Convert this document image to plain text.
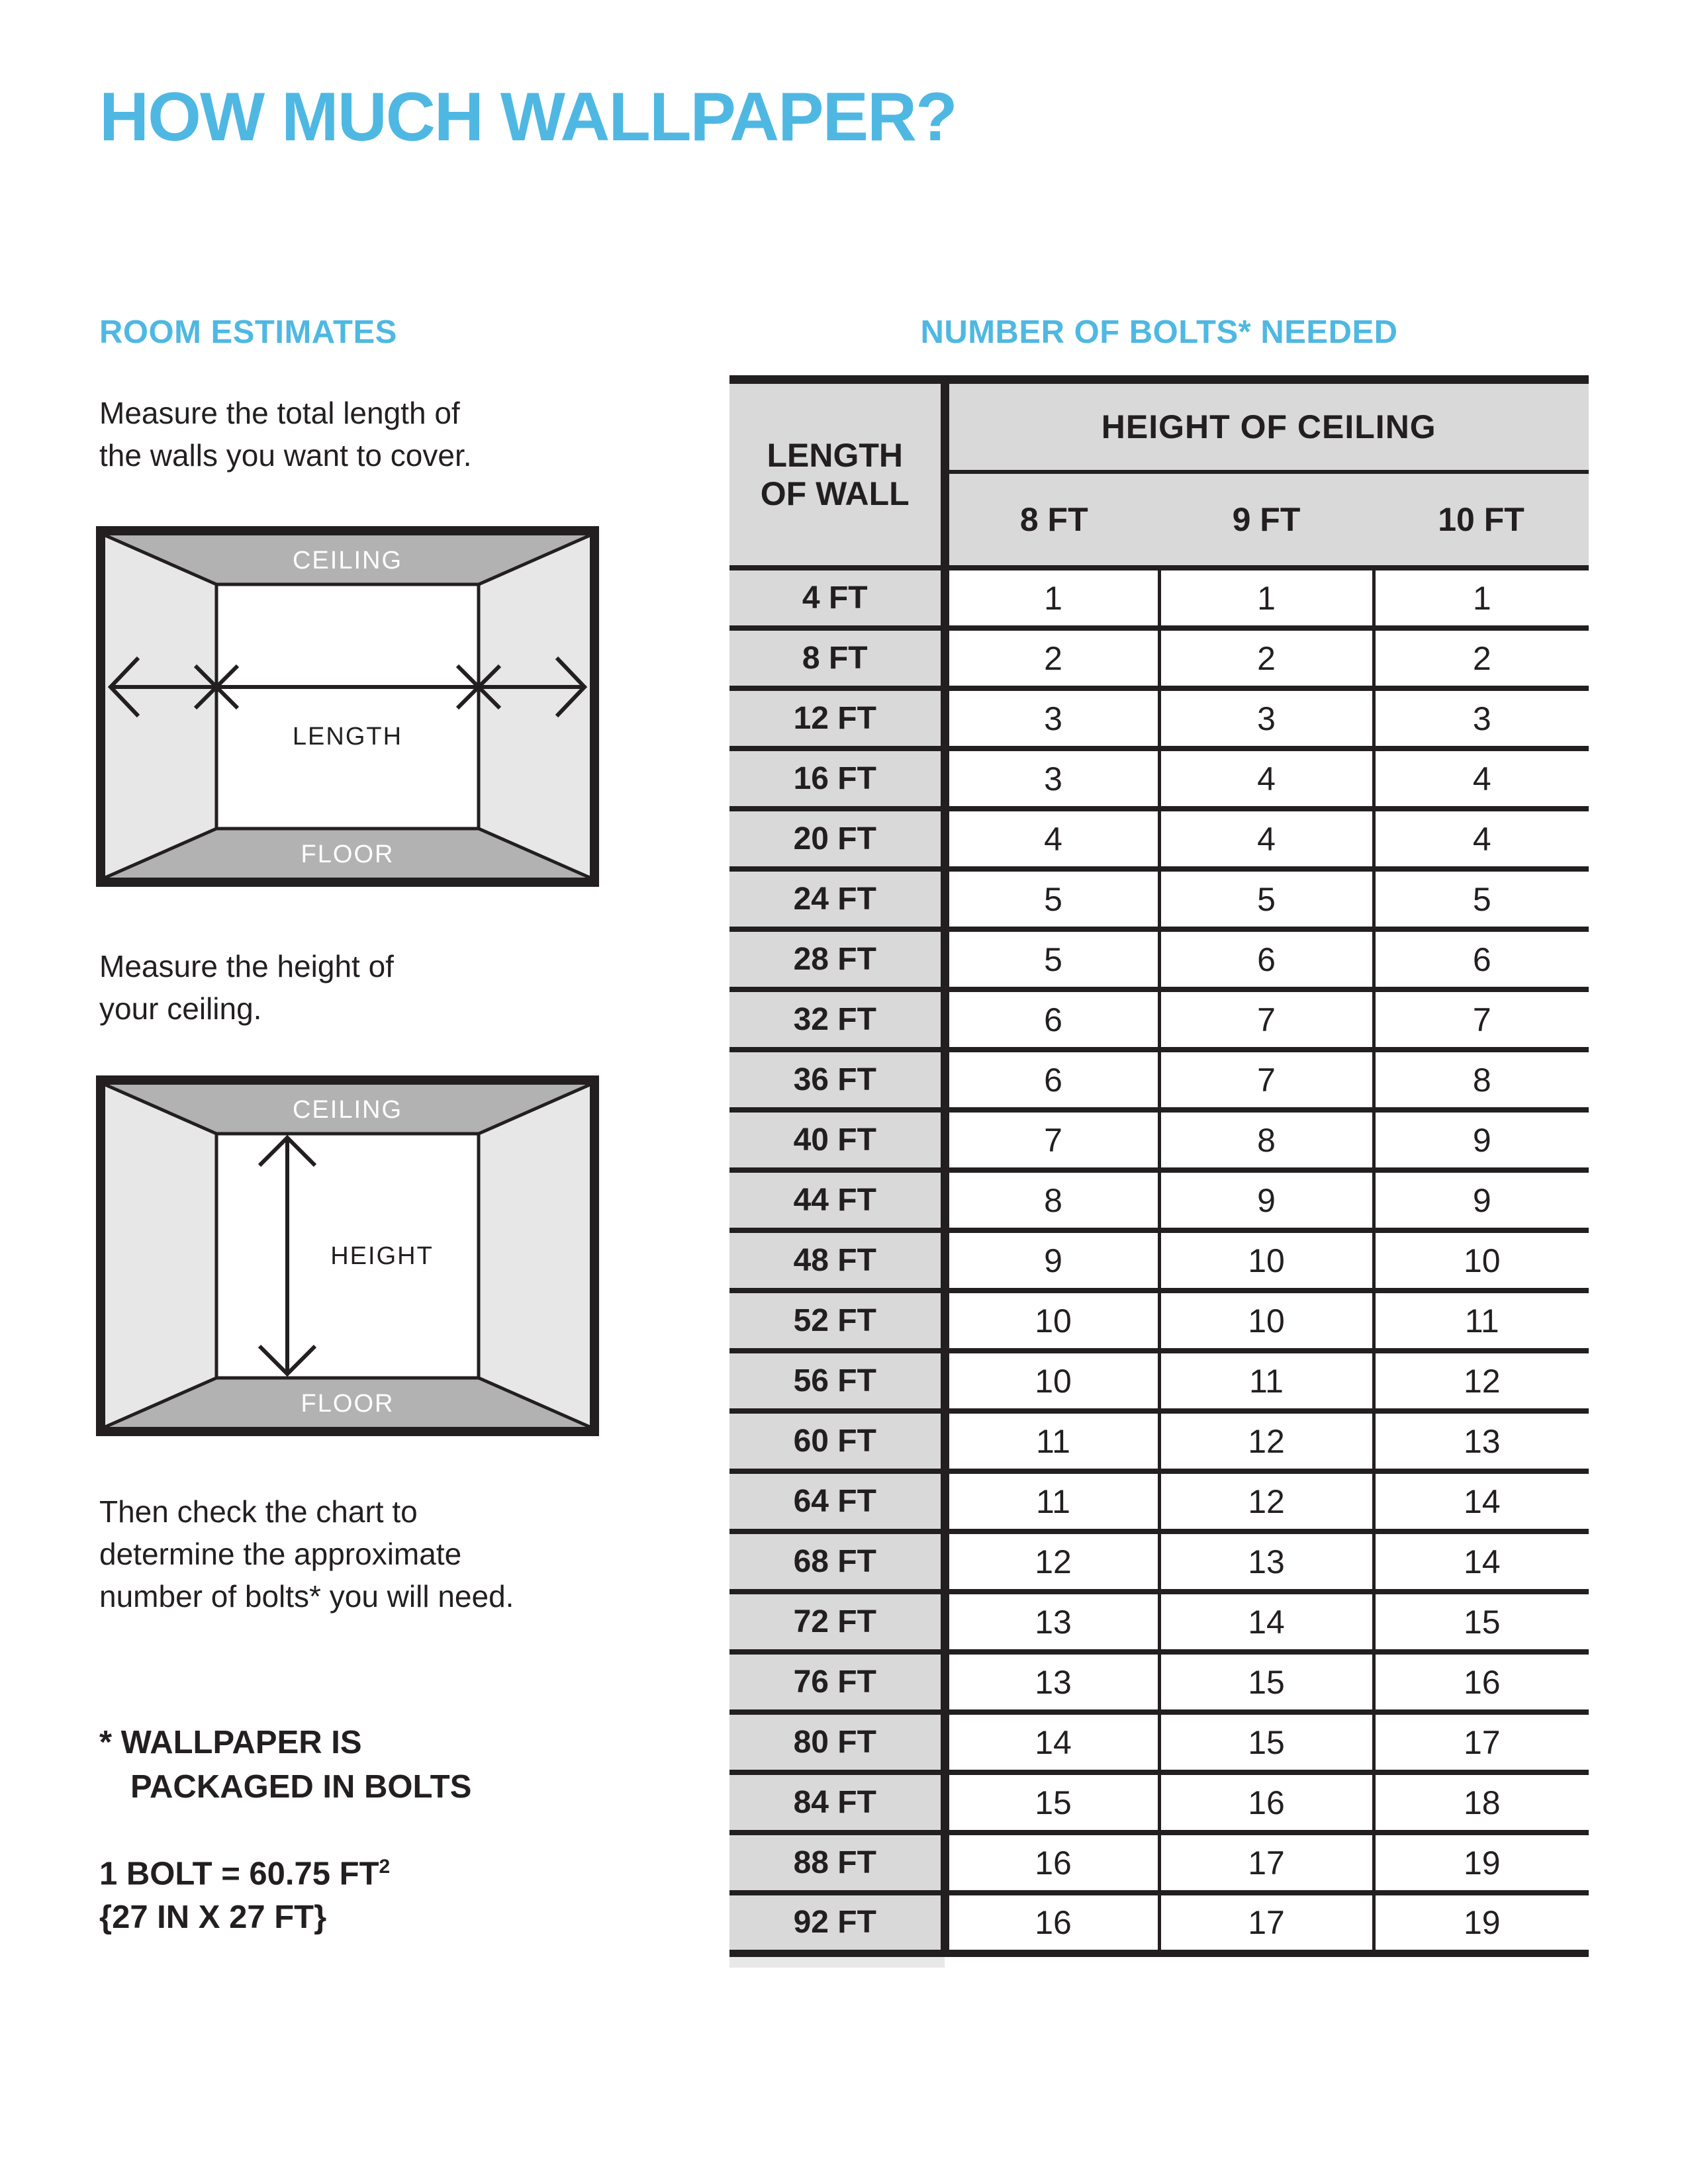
HOW MUCH WALLPAPER?
ROOM ESTIMATES

Measure the total length of
the walls you want to cover.

CEILING
FLOOR
LENGTH

Measure the height of
your ceiling.

CEILING
FLOOR
HEIGHT

Then check the chart to
determine the approximate
number of bolts* you will need.

* WALLPAPER IS
PACKAGED IN BOLTS

1 BOLT = 60.75 $FT^2$
{27 IN X 27 FT}

NUMBER OF BOLTS* NEEDED
LENGTH
OF WALL	HEIGHT OF CEILING		
	8 FT	9 FT	10 FT
4 FT	1	1	1
8 FT	2	2	2
12 FT	3	3	3
16 FT	3	4	4
20 FT	4	4	4
24 FT	5	5	5
28 FT	5	6	6
32 FT	6	7	7
36 FT	6	7	8
40 FT	7	8	9
44 FT	8	9	9
48 FT	9	10	10
52 FT	10	10	11
56 FT	10	11	12
60 FT	11	12	13
64 FT	11	12	14
68 FT	12	13	14
72 FT	13	14	15
76 FT	13	15	16
80 FT	14	15	17
84 FT	15	16	18
88 FT	16	17	19
92 FT	16	17	19
